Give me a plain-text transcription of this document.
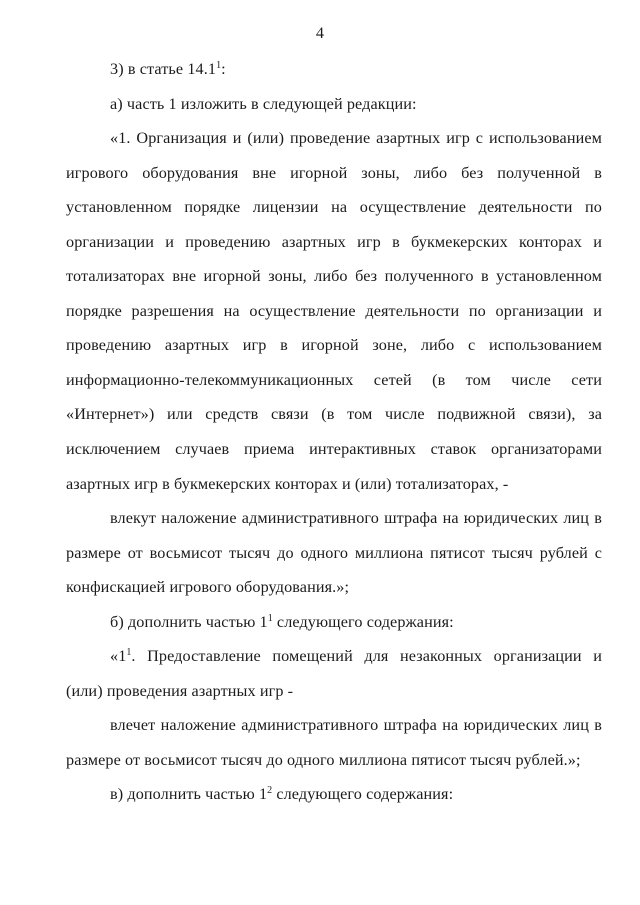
4
3) в статье 14.1$^1$:
а) часть 1 изложить в следующей редакции:
«1. Организация и (или) проведение азартных игр с использованием
игрового оборудования вне игорной зоны, либо без полученной в
установленном порядке лицензии на осуществление деятельности по
организации и проведению азартных игр в букмекерских конторах и
тотализаторах вне игорной зоны, либо без полученного в установленном
порядке разрешения на осуществление деятельности по организации и
проведению азартных игр в игорной зоне, либо с использованием
информационно-телекоммуникационных сетей (в том числе сети
«Интернет») или средств связи (в том числе подвижной связи), за
исключением случаев приема интерактивных ставок организаторами
азартных игр в букмекерских конторах и (или) тотализаторах, -
влекут наложение административного штрафа на юридических лиц в
размере от восьмисот тысяч до одного миллиона пятисот тысяч рублей с
конфискацией игрового оборудования.»;
б) дополнить частью $1^1$ следующего содержания:
«$1^1$. Предоставление помещений для незаконных организации и
(или) проведения азартных игр -
влечет наложение административного штрафа на юридических лиц в
размере от восьмисот тысяч до одного миллиона пятисот тысяч рублей.»;
в) дополнить частью $1^2$ следующего содержания:
